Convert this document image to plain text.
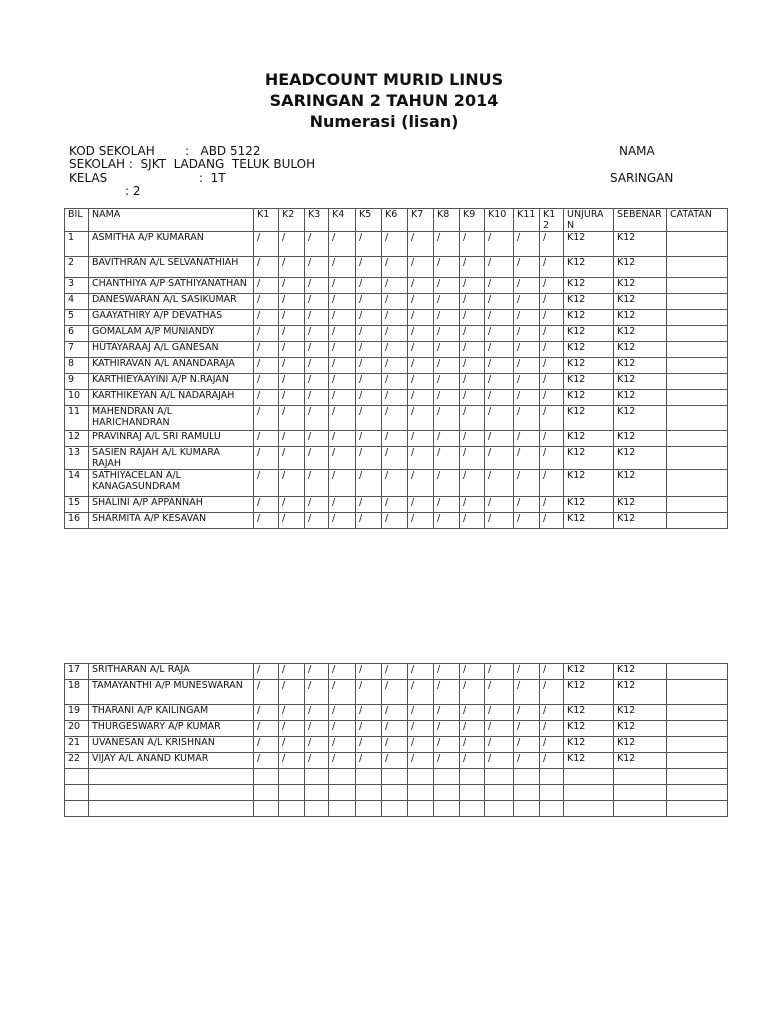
HEADCOUNT MURID LINUS
SARINGAN 2 TAHUN 2014
Numerasi (lisan)
KOD SEKOLAH	:   ABD 5122	NAMA
SEKOLAH :  SJKT  LADANG  TELUK BULOH
KELAS	:  1T	SARINGAN
: 2
BIL	NAMA	K1	K2	K3	K4	K5	K6	K7	K8	K9	K10	K11	K12	UNJURAN	SEBENAR	CATATAN
1	ASMITHA A/P KUMARAN	/	/	/	/	/	/	/	/	/	/	/	/	K12	K12	
2	BAVITHRAN A/L SELVANATHIAH	/	/	/	/	/	/	/	/	/	/	/	/	K12	K12	
3	CHANTHIYA A/P SATHIYANATHAN	/	/	/	/	/	/	/	/	/	/	/	/	K12	K12	
4	DANESWARAN A/L SASIKUMAR	/	/	/	/	/	/	/	/	/	/	/	/	K12	K12	
5	GAAYATHIRY A/P DEVATHAS	/	/	/	/	/	/	/	/	/	/	/	/	K12	K12	
6	GOMALAM A/P MUNIANDY	/	/	/	/	/	/	/	/	/	/	/	/	K12	K12	
7	HUTAYARAAJ A/L GANESAN	/	/	/	/	/	/	/	/	/	/	/	/	K12	K12	
8	KATHIRAVAN A/L ANANDARAJA	/	/	/	/	/	/	/	/	/	/	/	/	K12	K12	
9	KARTHIEYAAYINI A/P N.RAJAN	/	/	/	/	/	/	/	/	/	/	/	/	K12	K12	
10	KARTHIKEYAN A/L NADARAJAH	/	/	/	/	/	/	/	/	/	/	/	/	K12	K12	
11	MAHENDRAN A/L HARICHANDRAN	/	/	/	/	/	/	/	/	/	/	/	/	K12	K12	
12	PRAVINRAJ A/L SRI RAMULU	/	/	/	/	/	/	/	/	/	/	/	/	K12	K12	
13	SASIEN RAJAH A/L KUMARA RAJAH	/	/	/	/	/	/	/	/	/	/	/	/	K12	K12	
14	SATHIYACELAN A/L KANAGASUNDRAM	/	/	/	/	/	/	/	/	/	/	/	/	K12	K12	
15	SHALINI A/P APPANNAH	/	/	/	/	/	/	/	/	/	/	/	/	K12	K12	
16	SHARMITA A/P KESAVAN	/	/	/	/	/	/	/	/	/	/	/	/	K12	K12	
17	SRITHARAN A/L RAJA	/	/	/	/	/	/	/	/	/	/	/	/	K12	K12	
18	TAMAYANTHI A/P MUNESWARAN	/	/	/	/	/	/	/	/	/	/	/	/	K12	K12	
19	THARANI A/P KAILINGAM	/	/	/	/	/	/	/	/	/	/	/	/	K12	K12	
20	THURGESWARY A/P KUMAR	/	/	/	/	/	/	/	/	/	/	/	/	K12	K12	
21	UVANESAN A/L KRISHNAN	/	/	/	/	/	/	/	/	/	/	/	/	K12	K12	
22	VIJAY A/L ANAND KUMAR	/	/	/	/	/	/	/	/	/	/	/	/	K12	K12	
